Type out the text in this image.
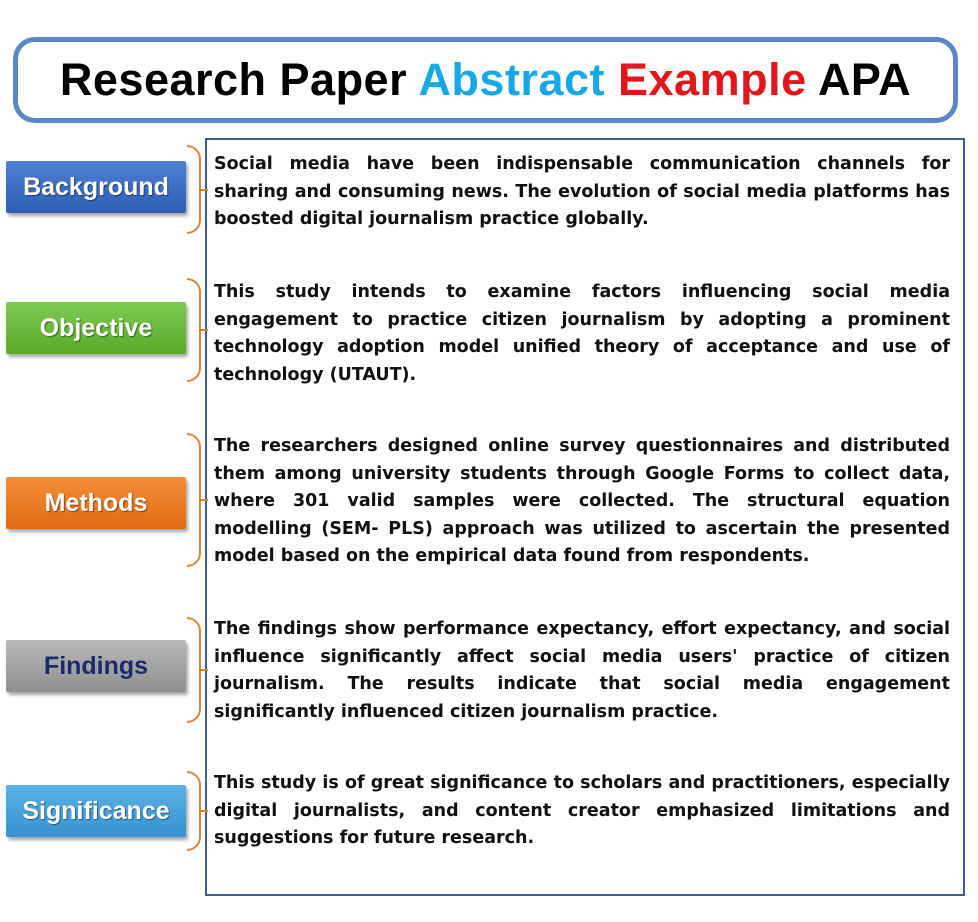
Research Paper Abstract Example APA
Background

Social media have been indispensable communication channels for sharing and consuming news. The evolution of social media platforms has boosted digital journalism practice globally.

Objective

This study intends to examine factors influencing social media engagement to practice citizen journalism by adopting a prominent technology adoption model unified theory of acceptance and use of technology (UTAUT).

Methods

The researchers designed online survey questionnaires and distributed them among university students through Google Forms to collect data, where 301 valid samples were collected. The structural equation modelling (SEM- PLS) approach was utilized to ascertain the presented model based on the empirical data found from respondents.

Findings

The findings show performance expectancy, effort expectancy, and social influence significantly affect social media users' practice of citizen journalism. The results indicate that social media engagement significantly influenced citizen journalism practice.

Significance

This study is of great significance to scholars and practitioners, especially digital journalists, and content creator emphasized limitations and suggestions for future research.
